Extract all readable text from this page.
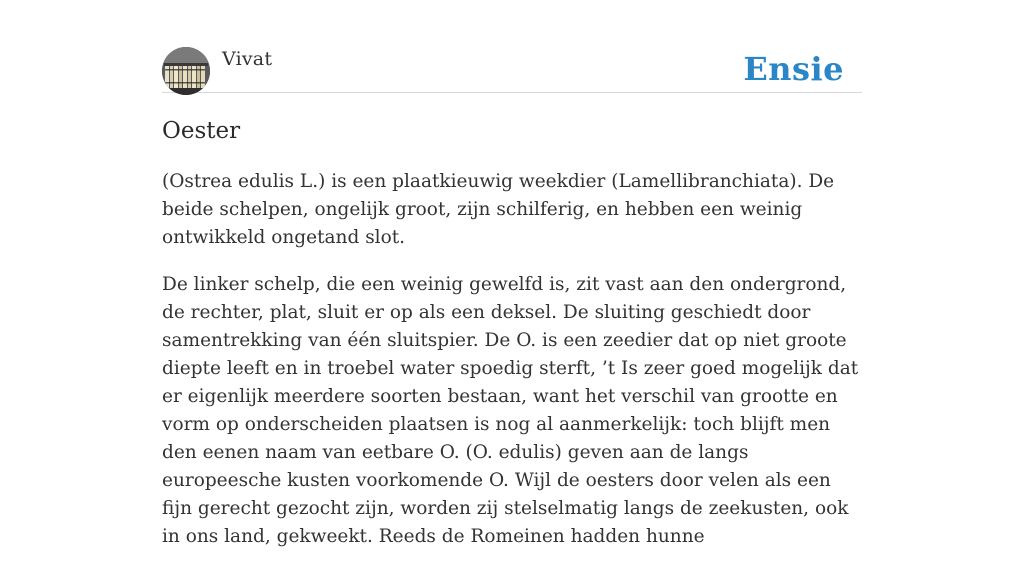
Vivat	Ensie
Oester

(Ostrea edulis L.) is een plaatkieuwig weekdier (Lamellibranchiata). De beide schelpen, ongelijk groot, zijn schilferig, en hebben een weinig ontwikkeld ongetand slot.

De linker schelp, die een weinig gewelfd is, zit vast aan den ondergrond, de rechter, plat, sluit er op als een deksel. De sluiting geschiedt door samentrekking van één sluitspier. De O. is een zeedier dat op niet groote diepte leeft en in troebel water spoedig sterft, ’t Is zeer goed mogelijk dat er eigenlijk meerdere soorten bestaan, want het verschil van grootte en vorm op onderscheiden plaatsen is nog al aanmerkelijk: toch blijft men den eenen naam van eetbare O. (O. edulis) geven aan de langs europeesche kusten voorkomende O. Wijl de oesters door velen als een fijn gerecht gezocht zijn, worden zij stelselmatig langs de zeekusten, ook in ons land, gekweekt. Reeds de Romeinen hadden hunne
